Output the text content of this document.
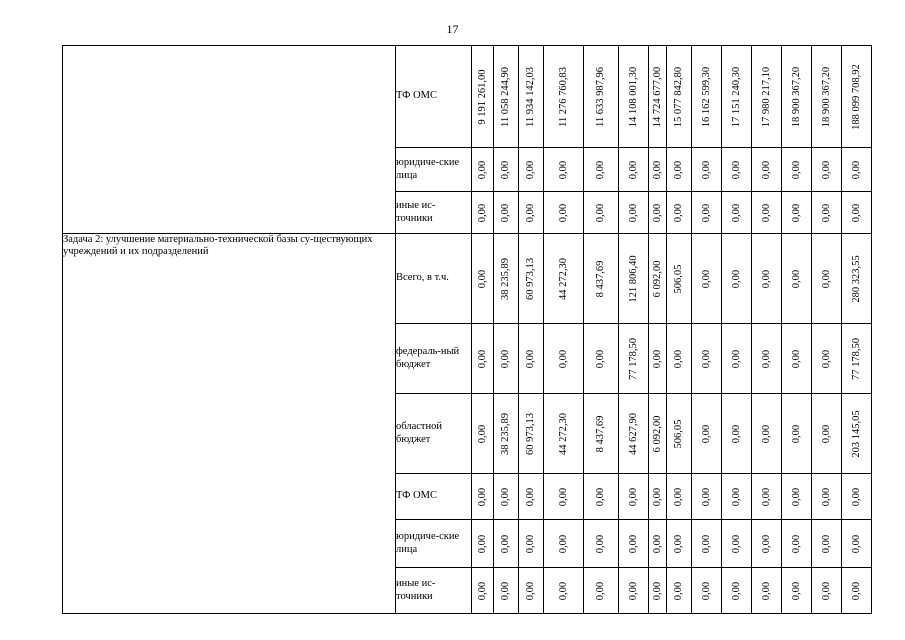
17
	ТФ ОМС	9 191 261,00	11 058 244,90	11 934 142,03	11 276 760,83	11 633 987,96	14 108 001,30	14 724 677,00	15 077 842,80	16 162 599,30	17 151 240,30	17 980 217,10	18 900 367,20	18 900 367,20	188 099 708,92

	юридиче-ские лица	0,00	0,00	0,00	0,00	0,00	0,00	0,00	0,00	0,00	0,00	0,00	0,00	0,00	0,00

	иные ис-точники	0,00	0,00	0,00	0,00	0,00	0,00	0,00	0,00	0,00	0,00	0,00	0,00	0,00	0,00

Задача 2: улучшение материально-технической базы су-ществующих учреждений и их подразделений	Всего, в т.ч.	0,00	38 235,89	60 973,13	44 272,30	8 437,69	121 806,40	6 092,00	506,05	0,00	0,00	0,00	0,00	0,00	280 323,55

	федераль-ный бюджет	0,00	0,00	0,00	0,00	0,00	77 178,50	0,00	0,00	0,00	0,00	0,00	0,00	0,00	77 178,50

	областной бюджет	0,00	38 235,89	60 973,13	44 272,30	8 437,69	44 627,90	6 092,00	506,05	0,00	0,00	0,00	0,00	0,00	203 145,05

	ТФ ОМС	0,00	0,00	0,00	0,00	0,00	0,00	0,00	0,00	0,00	0,00	0,00	0,00	0,00	0,00

	юридиче-ские лица	0,00	0,00	0,00	0,00	0,00	0,00	0,00	0,00	0,00	0,00	0,00	0,00	0,00	0,00

	иные ис-точники	0,00	0,00	0,00	0,00	0,00	0,00	0,00	0,00	0,00	0,00	0,00	0,00	0,00	0,00
